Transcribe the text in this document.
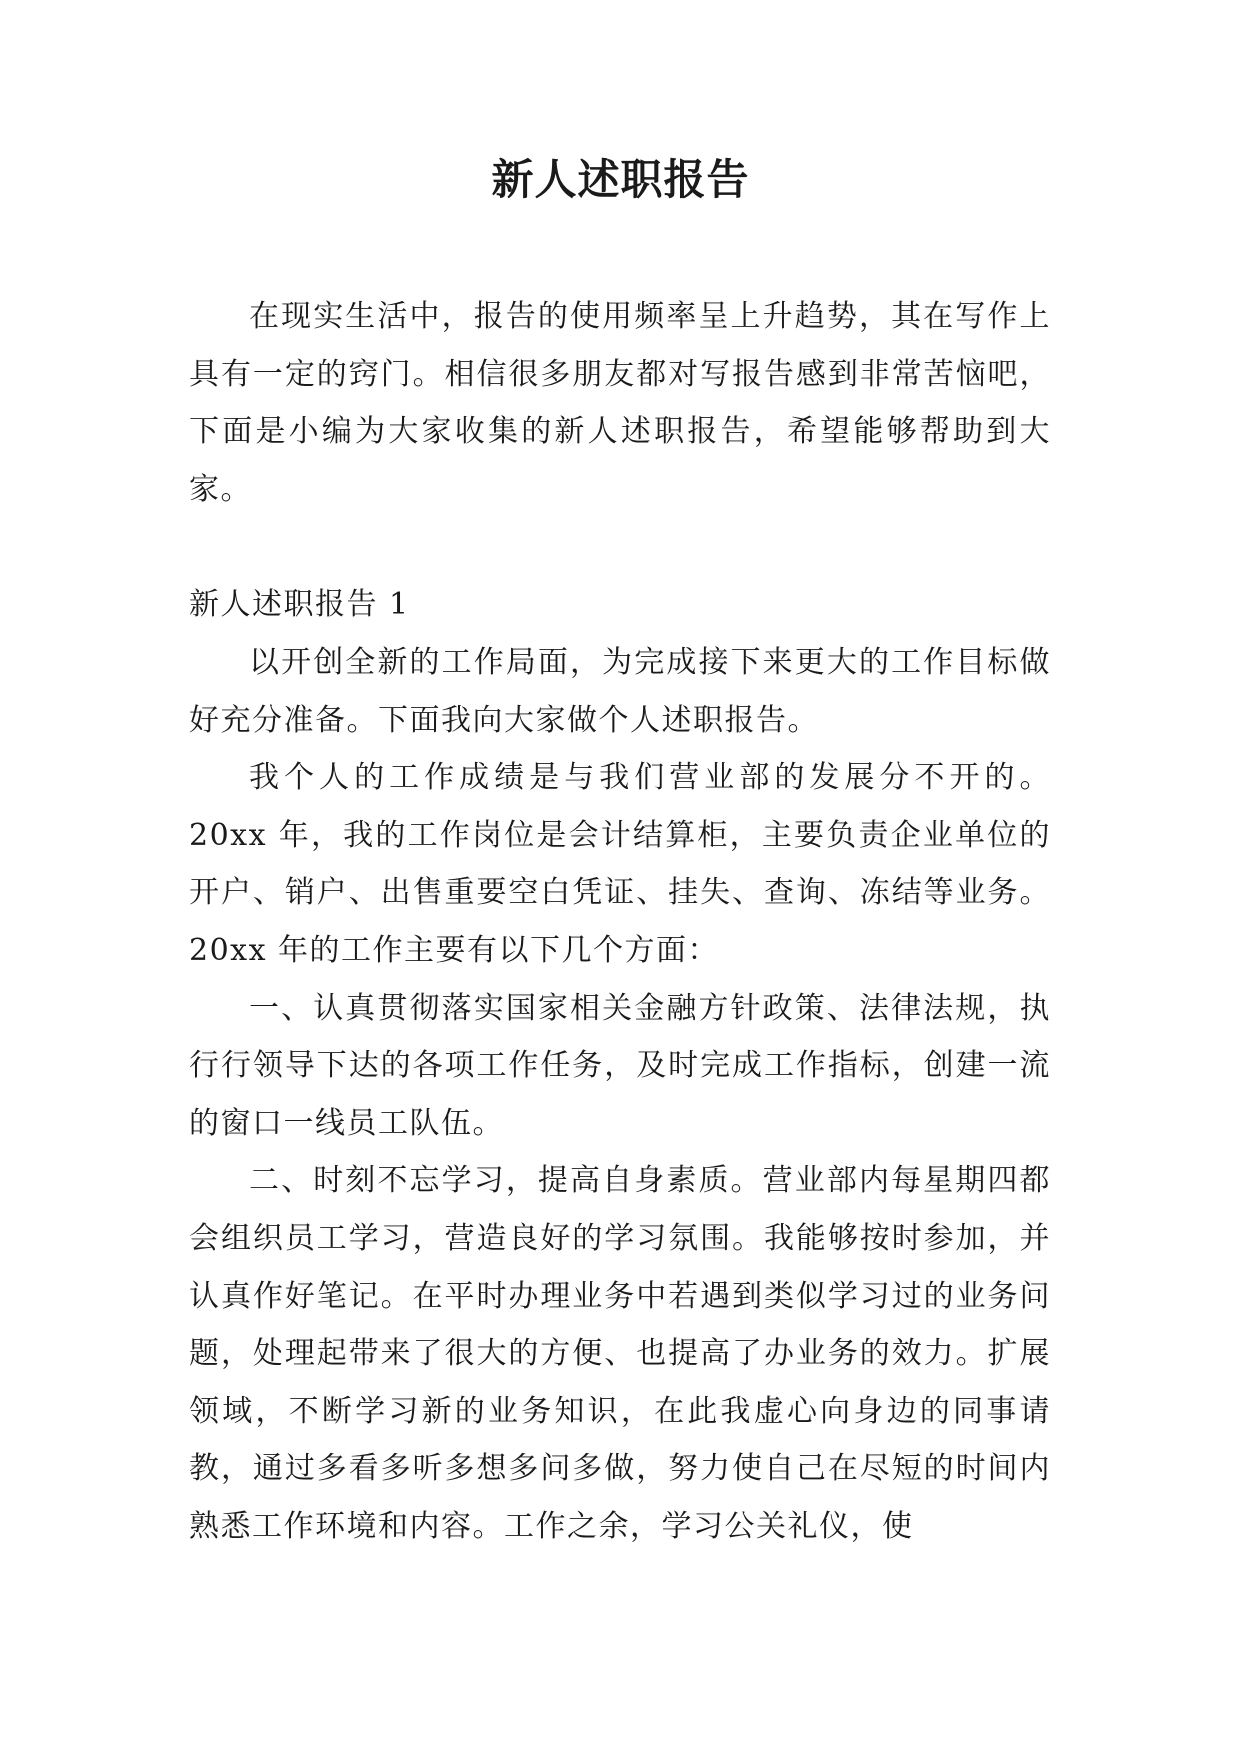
新人述职报告

在现实生活中，报告的使用频率呈上升趋势，其在写作上具有一定的窍门。相信很多朋友都对写报告感到非常苦恼吧，下面是小编为大家收集的新人述职报告，希望能够帮助到大家。

新人述职报告 1

以开创全新的工作局面，为完成接下来更大的工作目标做好充分准备。下面我向大家做个人述职报告。

我个人的工作成绩是与我们营业部的发展分不开的。20xx 年，我的工作岗位是会计结算柜，主要负责企业单位的开户、销户、出售重要空白凭证、挂失、查询、冻结等业务。20xx 年的工作主要有以下几个方面：

一、认真贯彻落实国家相关金融方针政策、法律法规，执行行领导下达的各项工作任务，及时完成工作指标，创建一流的窗口一线员工队伍。

二、时刻不忘学习，提高自身素质。营业部内每星期四都会组织员工学习，营造良好的学习氛围。我能够按时参加，并认真作好笔记。在平时办理业务中若遇到类似学习过的业务问题，处理起带来了很大的方便、也提高了办业务的效力。扩展领域，不断学习新的业务知识，在此我虚心向身边的同事请教，通过多看多听多想多问多做，努力使自己在尽短的时间内熟悉工作环境和内容。工作之余，学习公关礼仪，使
